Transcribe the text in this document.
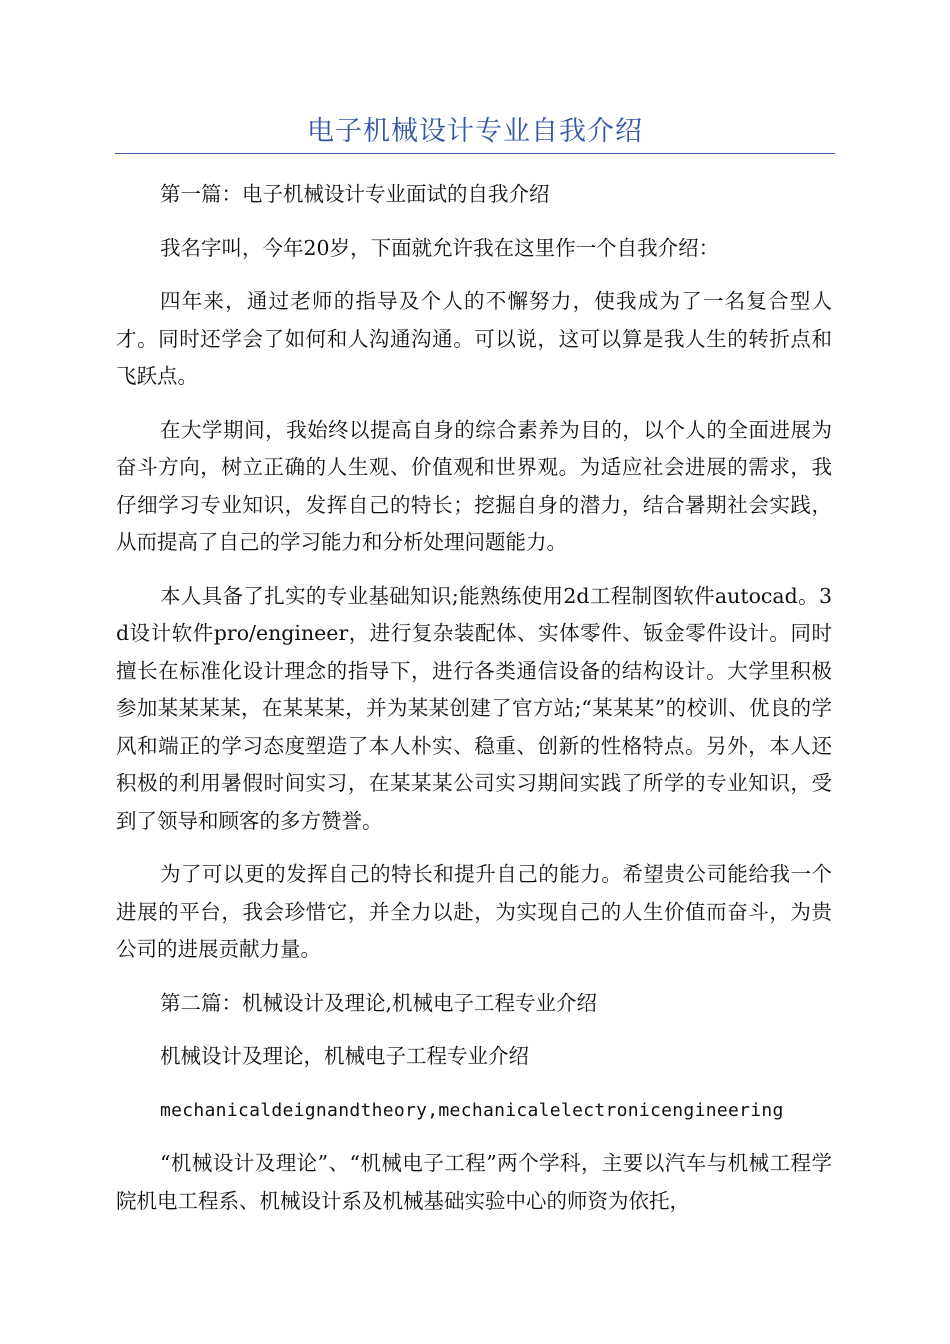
电子机械设计专业自我介绍

第一篇：电子机械设计专业面试的自我介绍

我名字叫，今年20岁，下面就允许我在这里作一个自我介绍：

四年来，通过老师的指导及个人的不懈努力，使我成为了一名复合型人才。同时还学会了如何和人沟通沟通。可以说，这可以算是我人生的转折点和飞跃点。

在大学期间，我始终以提高自身的综合素养为目的，以个人的全面进展为奋斗方向，树立正确的人生观、价值观和世界观。为适应社会进展的需求，我仔细学习专业知识，发挥自己的特长；挖掘自身的潜力，结合暑期社会实践，从而提高了自己的学习能力和分析处理问题能力。

本人具备了扎实的专业基础知识;能熟练使用2d工程制图软件autocad。3d设计软件pro/engineer，进行复杂装配体、实体零件、钣金零件设计。同时擅长在标准化设计理念的指导下，进行各类通信设备的结构设计。大学里积极参加某某某某，在某某某，并为某某创建了官方站;“某某某”的校训、优良的学风和端正的学习态度塑造了本人朴实、稳重、创新的性格特点。另外，本人还积极的利用暑假时间实习，在某某某公司实习期间实践了所学的专业知识，受到了领导和顾客的多方赞誉。

为了可以更的发挥自己的特长和提升自己的能力。希望贵公司能给我一个进展的平台，我会珍惜它，并全力以赴，为实现自己的人生价值而奋斗，为贵公司的进展贡献力量。

第二篇：机械设计及理论,机械电子工程专业介绍

机械设计及理论，机械电子工程专业介绍

mechanicaldeignandtheory,mechanicalelectronicengineering

“机械设计及理论”、“机械电子工程”两个学科，主要以汽车与机械工程学院机电工程系、机械设计系及机械基础实验中心的师资为依托，
